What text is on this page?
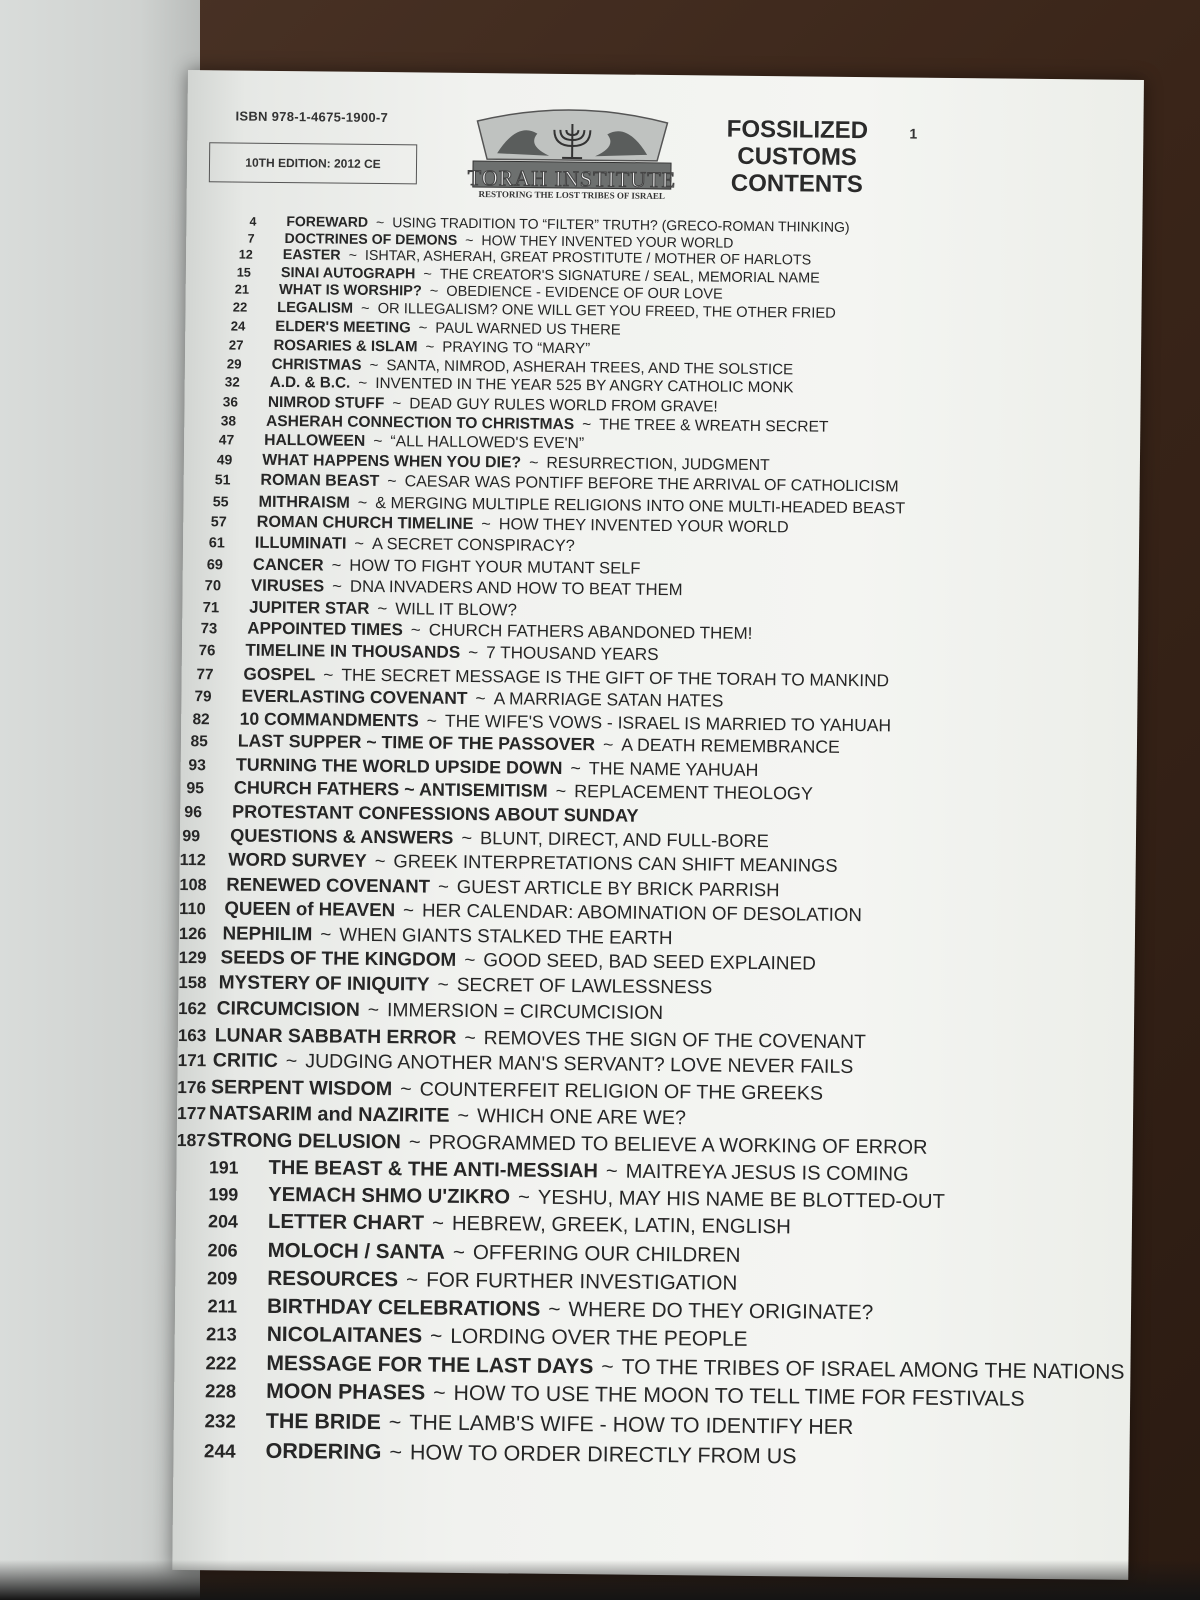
ISBN 978-1-4675-1900-7
10TH EDITION: 2012 CE
TORAH INSTITUTE
RESTORING THE LOST TRIBES OF ISRAEL
FOSSILIZED
CUSTOMS
CONTENTS
1
4 FOREWARD ~ USING TRADITION TO “FILTER” TRUTH? (GRECO-ROMAN THINKING)
7 DOCTRINES OF DEMONS ~ HOW THEY INVENTED YOUR WORLD
12 EASTER ~ ISHTAR, ASHERAH, GREAT PROSTITUTE / MOTHER OF HARLOTS
15 SINAI AUTOGRAPH ~ THE CREATOR'S SIGNATURE / SEAL, MEMORIAL NAME
21 WHAT IS WORSHIP? ~ OBEDIENCE - EVIDENCE OF OUR LOVE
22 LEGALISM ~ OR ILLEGALISM? ONE WILL GET YOU FREED, THE OTHER FRIED
24 ELDER'S MEETING ~ PAUL WARNED US THERE
27 ROSARIES & ISLAM ~ PRAYING TO “MARY”
29 CHRISTMAS ~ SANTA, NIMROD, ASHERAH TREES, AND THE SOLSTICE
32 A.D. & B.C. ~ INVENTED IN THE YEAR 525 BY ANGRY CATHOLIC MONK
36 NIMROD STUFF ~ DEAD GUY RULES WORLD FROM GRAVE!
38 ASHERAH CONNECTION TO CHRISTMAS ~ THE TREE & WREATH SECRET
47 HALLOWEEN ~ “ALL HALLOWED'S EVE'N”
49 WHAT HAPPENS WHEN YOU DIE? ~ RESURRECTION, JUDGMENT
51 ROMAN BEAST ~ CAESAR WAS PONTIFF BEFORE THE ARRIVAL OF CATHOLICISM
55 MITHRAISM ~ & MERGING MULTIPLE RELIGIONS INTO ONE MULTI-HEADED BEAST
57 ROMAN CHURCH TIMELINE ~ HOW THEY INVENTED YOUR WORLD
61 ILLUMINATI ~ A SECRET CONSPIRACY?
69 CANCER ~ HOW TO FIGHT YOUR MUTANT SELF
70 VIRUSES ~ DNA INVADERS AND HOW TO BEAT THEM
71 JUPITER STAR ~ WILL IT BLOW?
73 APPOINTED TIMES ~ CHURCH FATHERS ABANDONED THEM!
76 TIMELINE IN THOUSANDS ~ 7 THOUSAND YEARS
77 GOSPEL ~ THE SECRET MESSAGE IS THE GIFT OF THE TORAH TO MANKIND
79 EVERLASTING COVENANT ~ A MARRIAGE SATAN HATES
82 10 COMMANDMENTS ~ THE WIFE'S VOWS - ISRAEL IS MARRIED TO YAHUAH
85 LAST SUPPER ~ TIME OF THE PASSOVER ~ A DEATH REMEMBRANCE
93 TURNING THE WORLD UPSIDE DOWN ~ THE NAME YAHUAH
95 CHURCH FATHERS ~ ANTISEMITISM ~ REPLACEMENT THEOLOGY
96 PROTESTANT CONFESSIONS ABOUT SUNDAY
99 QUESTIONS & ANSWERS ~ BLUNT, DIRECT, AND FULL-BORE
112 WORD SURVEY ~ GREEK INTERPRETATIONS CAN SHIFT MEANINGS
108 RENEWED COVENANT ~ GUEST ARTICLE BY BRICK PARRISH
110 QUEEN of HEAVEN ~ HER CALENDAR: ABOMINATION OF DESOLATION
126 NEPHILIM ~ WHEN GIANTS STALKED THE EARTH
129 SEEDS OF THE KINGDOM ~ GOOD SEED, BAD SEED EXPLAINED
158 MYSTERY OF INIQUITY ~ SECRET OF LAWLESSNESS
162 CIRCUMCISION ~ IMMERSION = CIRCUMCISION
163 LUNAR SABBATH ERROR ~ REMOVES THE SIGN OF THE COVENANT
171 CRITIC ~ JUDGING ANOTHER MAN'S SERVANT? LOVE NEVER FAILS
176 SERPENT WISDOM ~ COUNTERFEIT RELIGION OF THE GREEKS
177 NATSARIM and NAZIRITE ~ WHICH ONE ARE WE?
187 STRONG DELUSION ~ PROGRAMMED TO BELIEVE A WORKING OF ERROR
191 THE BEAST & THE ANTI-MESSIAH ~ MAITREYA JESUS IS COMING
199 YEMACH SHMO U'ZIKRO ~ YESHU, MAY HIS NAME BE BLOTTED-OUT
204 LETTER CHART ~ HEBREW, GREEK, LATIN, ENGLISH
206 MOLOCH / SANTA ~ OFFERING OUR CHILDREN
209 RESOURCES ~ FOR FURTHER INVESTIGATION
211 BIRTHDAY CELEBRATIONS ~ WHERE DO THEY ORIGINATE?
213 NICOLAITANES ~ LORDING OVER THE PEOPLE
222 MESSAGE FOR THE LAST DAYS ~ TO THE TRIBES OF ISRAEL AMONG THE NATIONS
228 MOON PHASES ~ HOW TO USE THE MOON TO TELL TIME FOR FESTIVALS
232 THE BRIDE ~ THE LAMB'S WIFE - HOW TO IDENTIFY HER
244 ORDERING ~ HOW TO ORDER DIRECTLY FROM US
